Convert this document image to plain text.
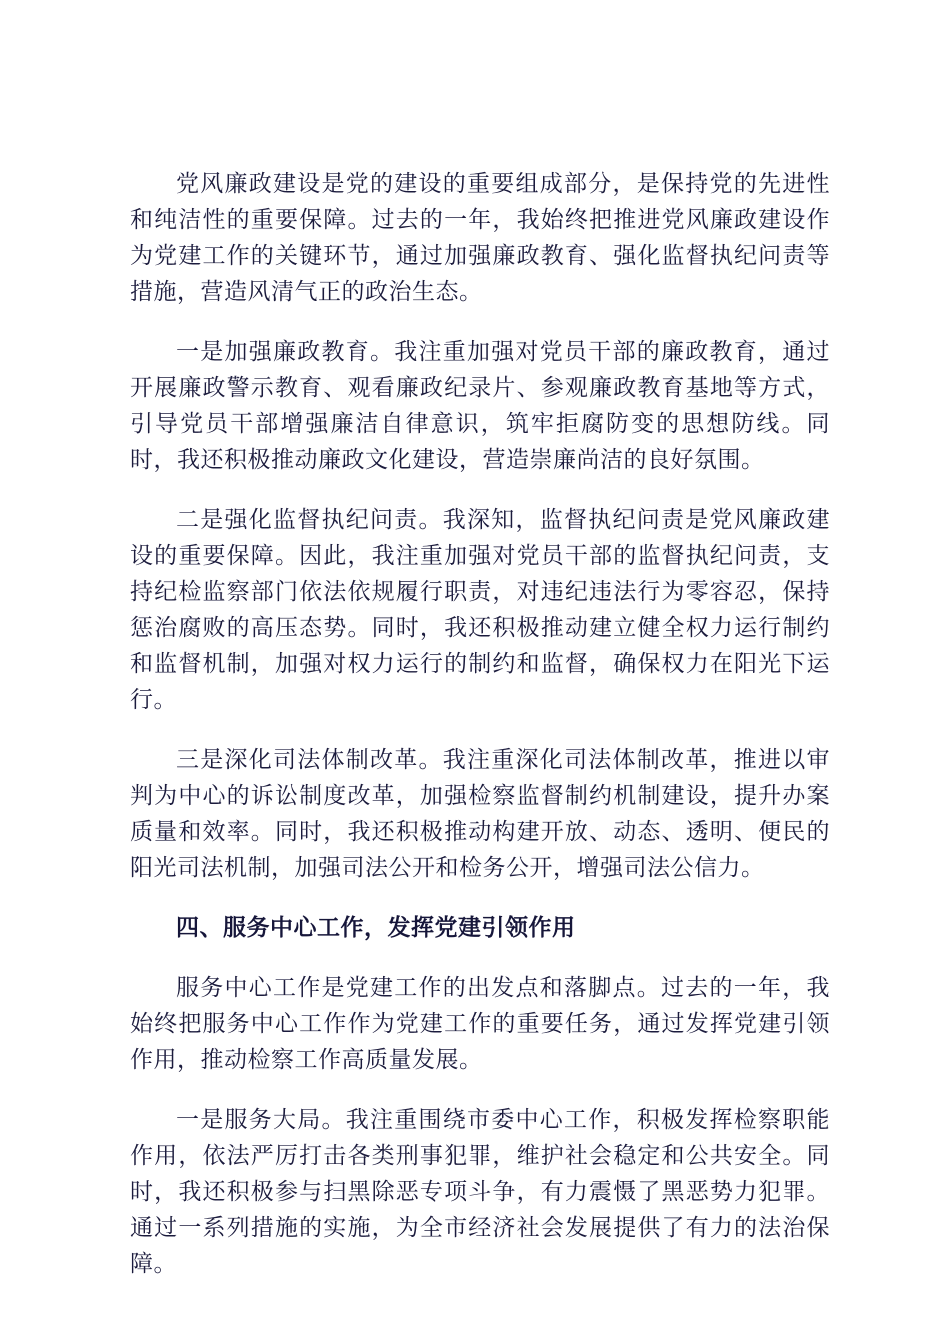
党风廉政建设是党的建设的重要组成部分，是保持党的先进性和纯洁性的重要保障。过去的一年，我始终把推进党风廉政建设作为党建工作的关键环节，通过加强廉政教育、强化监督执纪问责等措施，营造风清气正的政治生态。

一是加强廉政教育。我注重加强对党员干部的廉政教育，通过开展廉政警示教育、观看廉政纪录片、参观廉政教育基地等方式，引导党员干部增强廉洁自律意识，筑牢拒腐防变的思想防线。同时，我还积极推动廉政文化建设，营造崇廉尚洁的良好氛围。

二是强化监督执纪问责。我深知，监督执纪问责是党风廉政建设的重要保障。因此，我注重加强对党员干部的监督执纪问责，支持纪检监察部门依法依规履行职责，对违纪违法行为零容忍，保持惩治腐败的高压态势。同时，我还积极推动建立健全权力运行制约和监督机制，加强对权力运行的制约和监督，确保权力在阳光下运行。

三是深化司法体制改革。我注重深化司法体制改革，推进以审判为中心的诉讼制度改革，加强检察监督制约机制建设，提升办案质量和效率。同时，我还积极推动构建开放、动态、透明、便民的阳光司法机制，加强司法公开和检务公开，增强司法公信力。

四、服务中心工作，发挥党建引领作用

服务中心工作是党建工作的出发点和落脚点。过去的一年，我始终把服务中心工作作为党建工作的重要任务，通过发挥党建引领作用，推动检察工作高质量发展。

一是服务大局。我注重围绕市委中心工作，积极发挥检察职能作用，依法严厉打击各类刑事犯罪，维护社会稳定和公共安全。同时，我还积极参与扫黑除恶专项斗争，有力震慑了黑恶势力犯罪。通过一系列措施的实施，为全市经济社会发展提供了有力的法治保障。
